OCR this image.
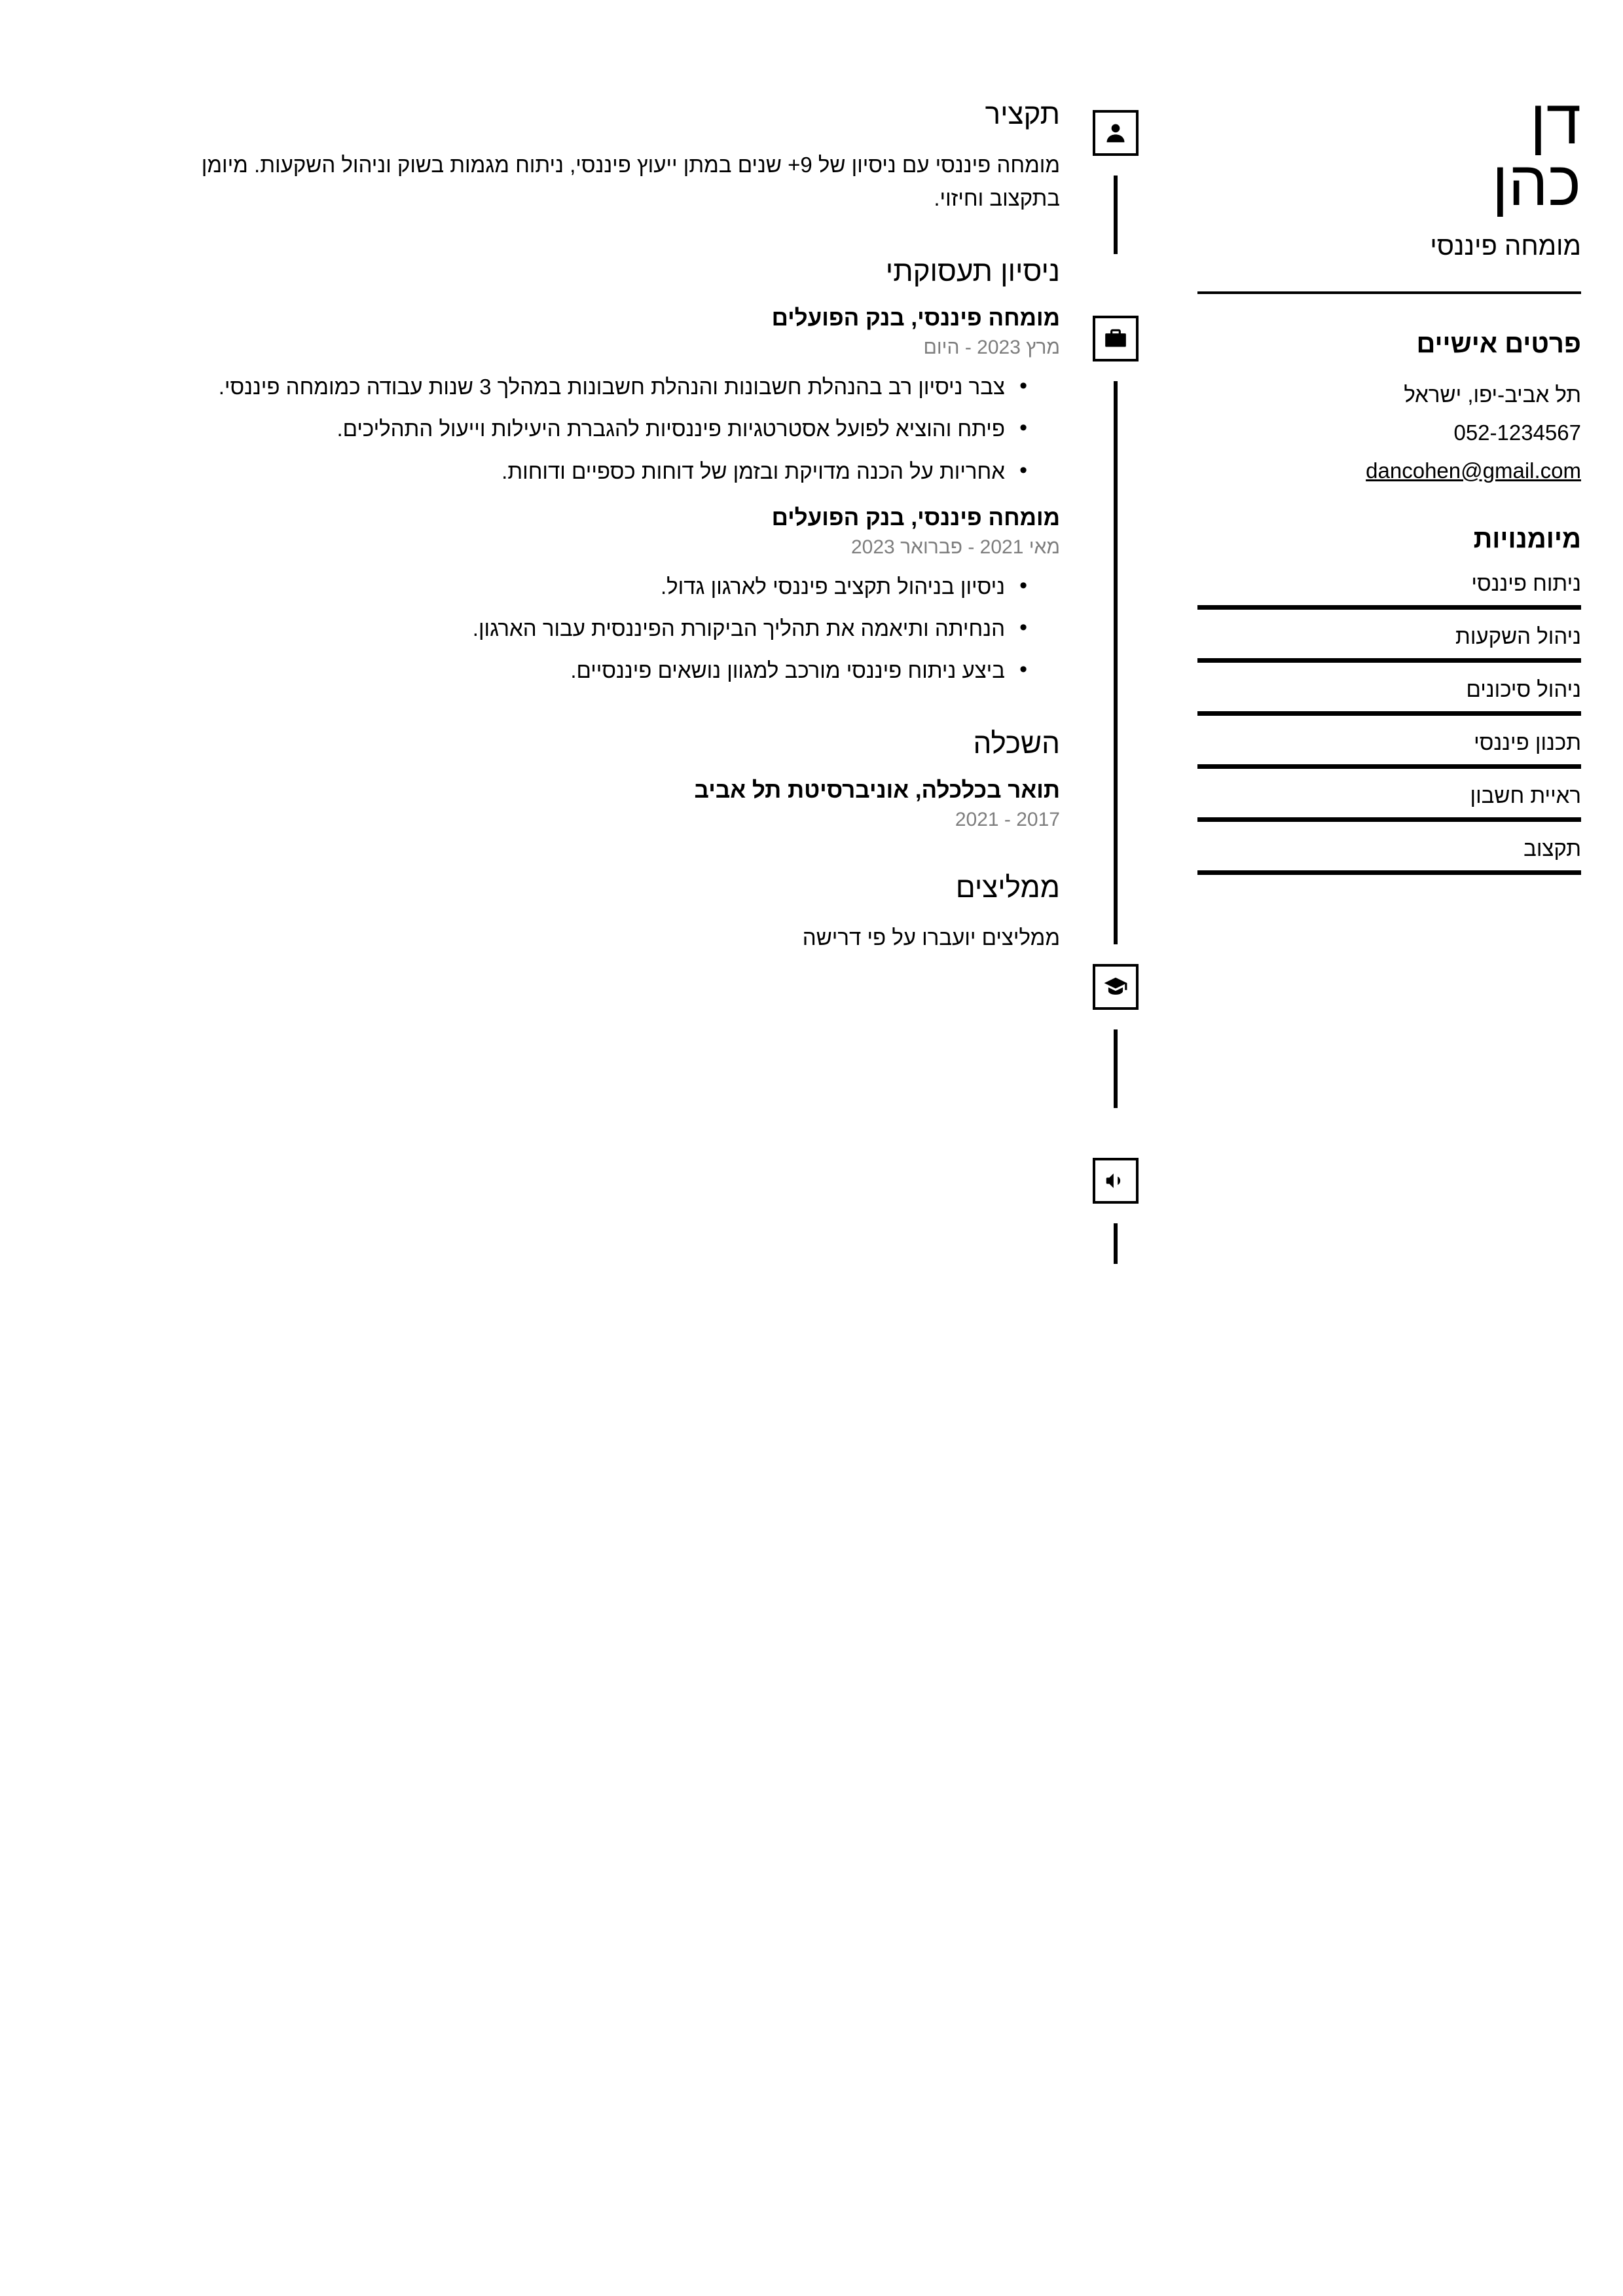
דן
כהן
מומחה פיננסי
פרטים אישיים
תל אביב-יפו, ישראל
052-1234567
dancohen@gmail.com
מיומנויות
ניתוח פיננסי
ניהול השקעות
ניהול סיכונים
תכנון פיננסי
ראיית חשבון
תקצוב
תקציר

מומחה פיננסי עם ניסיון של 9+ שנים במתן ייעוץ פיננסי, ניתוח מגמות בשוק וניהול השקעות. מיומן בתקצוב וחיזוי.

ניסיון תעסוקתי
מומחה פיננסי, בנק הפועלים
מרץ 2023 - היום
• צבר ניסיון רב בהנהלת חשבונות והנהלת חשבונות במהלך 3 שנות עבודה כמומחה פיננסי.
• פיתח והוציא לפועל אסטרטגיות פיננסיות להגברת היעילות וייעול התהליכים.
• אחריות על הכנה מדויקת ובזמן של דוחות כספיים ודוחות.
מומחה פיננסי, בנק הפועלים
מאי 2021 - פברואר 2023
• ניסיון בניהול תקציב פיננסי לארגון גדול.
• הנחיתה ותיאמה את תהליך הביקורת הפיננסית עבור הארגון.
• ביצע ניתוח פיננסי מורכב למגוון נושאים פיננסיים.
השכלה
תואר בכלכלה, אוניברסיטת תל אביב
2017 - 2021
ממליצים
ממליצים יועברו על פי דרישה
